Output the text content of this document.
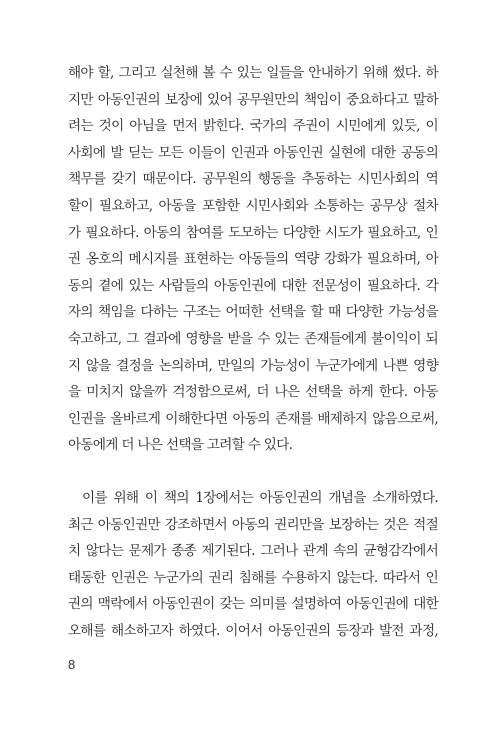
해야 할, 그리고 실천해 볼 수 있는 일들을 안내하기 위해 썼다. 하
지만 아동인권의 보장에 있어 공무원만의 책임이 중요하다고 말하
려는 것이 아님을 먼저 밝힌다. 국가의 주권이 시민에게 있듯, 이
사회에 발 딛는 모든 이들이 인권과 아동인권 실현에 대한 공동의
책무를 갖기 때문이다. 공무원의 행동을 추동하는 시민사회의 역
할이 필요하고, 아동을 포함한 시민사회와 소통하는 공무상 절차
가 필요하다. 아동의 참여를 도모하는 다양한 시도가 필요하고, 인
권 옹호의 메시지를 표현하는 아동들의 역량 강화가 필요하며, 아
동의 곁에 있는 사람들의 아동인권에 대한 전문성이 필요하다. 각
자의 책임을 다하는 구조는 어떠한 선택을 할 때 다양한 가능성을
숙고하고, 그 결과에 영향을 받을 수 있는 존재들에게 불이익이 되
지 않을 결정을 논의하며, 만일의 가능성이 누군가에게 나쁜 영향
을 미치지 않을까 걱정함으로써, 더 나은 선택을 하게 한다. 아동
인권을 올바르게 이해한다면 아동의 존재를 배제하지 않음으로써,
아동에게 더 나은 선택을 고려할 수 있다.
이를 위해 이 책의 1장에서는 아동인권의 개념을 소개하였다.
최근 아동인권만 강조하면서 아동의 권리만을 보장하는 것은 적절
치 않다는 문제가 종종 제기된다. 그러나 관계 속의 균형감각에서
태동한 인권은 누군가의 권리 침해를 수용하지 않는다. 따라서 인
권의 맥락에서 아동인권이 갖는 의미를 설명하여 아동인권에 대한
오해를 해소하고자 하였다. 이어서 아동인권의 등장과 발전 과정,
8
